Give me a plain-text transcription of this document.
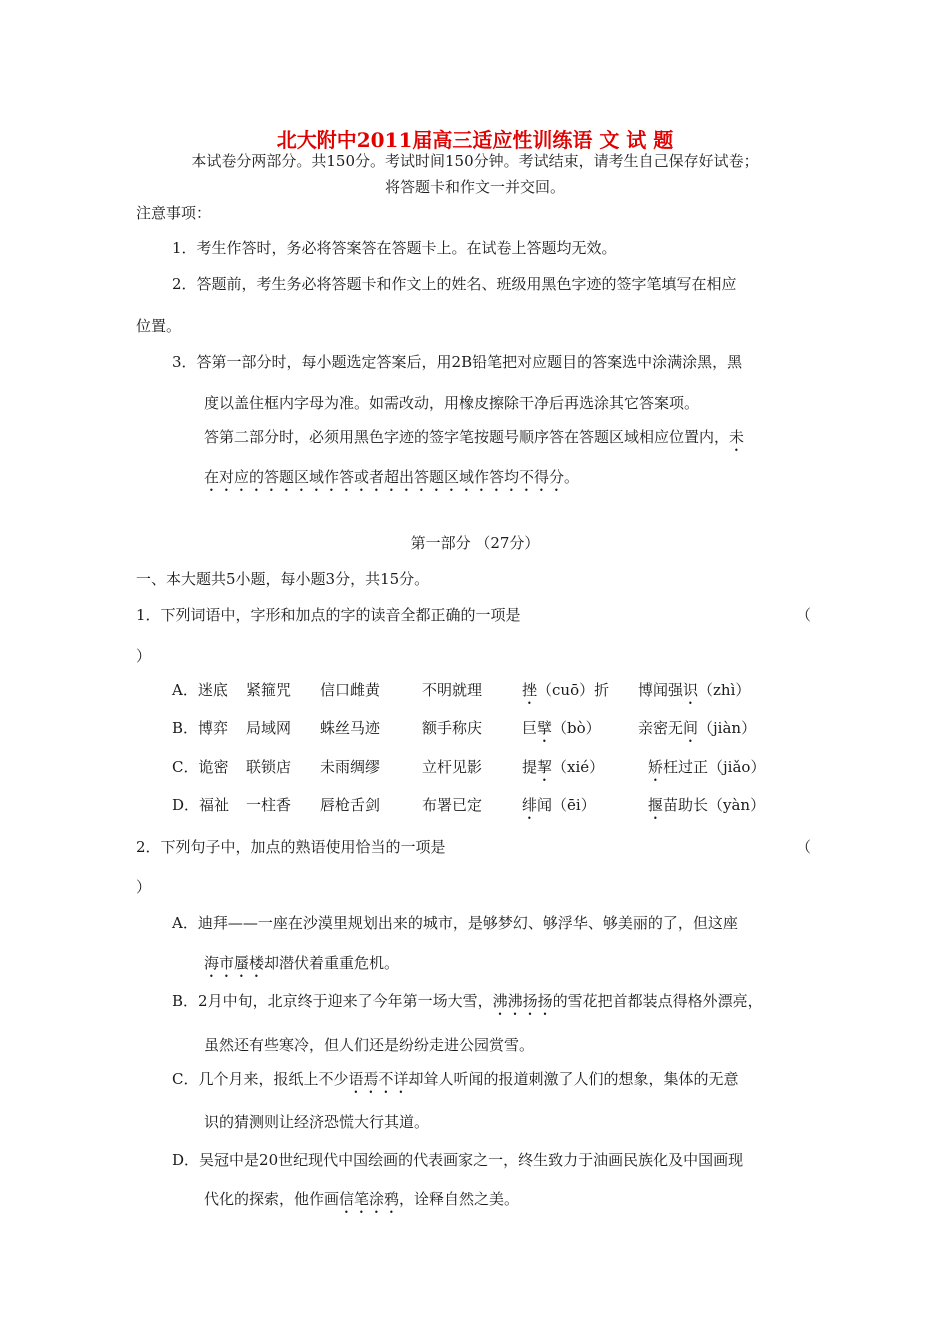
北大附中2011届高三适应性训练语 文 试 题
本试卷分两部分。共150分。考试时间150分钟。考试结束，请考生自己保存好试卷；
将答题卡和作文一并交回。
注意事项：
1．考生作答时，务必将答案答在答题卡上。在试卷上答题均无效。
2．答题前，考生务必将答题卡和作文上的姓名、班级用黑色字迹的签字笔填写在相应
位置。
3．答第一部分时，每小题选定答案后，用2B铅笔把对应题目的答案选中涂满涂黑，黑
度以盖住框内字母为准。如需改动，用橡皮擦除干净后再选涂其它答案项。
答第二部分时，必须用黑色字迹的签字笔按题号顺序答在答题区域相应位置内，未
在对应的答题区域作答或者超出答题区域作答均不得分。
第一部分 （27分）
一、本大题共5小题，每小题3分，共15分。
1．下列词语中，字形和加点的字的读音全都正确的一项是	（
）
A．迷底 紧箍咒 信口雌黄	不明就理	挫（cuō）折 博闻强识（zhì）
B．博弈 局域网 蛛丝马迹	额手称庆	巨擘（bò） 亲密无间（jiàn）
C．诡密 联锁店 未雨绸缪	立杆见影	提挈（xié）	矫枉过正（jiǎo）
D．福祉 一柱香 唇枪舌剑	布署已定	绯闻（ēi）	揠苗助长（yàn）
2．下列句子中，加点的熟语使用恰当的一项是	（
）
A．迪拜——一座在沙漠里规划出来的城市，是够梦幻、够浮华、够美丽的了，但这座
海市蜃楼却潜伏着重重危机。
B．2月中旬，北京终于迎来了今年第一场大雪，沸沸扬扬的雪花把首都装点得格外漂亮，
虽然还有些寒冷，但人们还是纷纷走进公园赏雪。
C．几个月来，报纸上不少语焉不详却耸人听闻的报道刺激了人们的想象，集体的无意
识的猜测则让经济恐慌大行其道。
D．吴冠中是20世纪现代中国绘画的代表画家之一，终生致力于油画民族化及中国画现
代化的探索，他作画信笔涂鸦，诠释自然之美。
